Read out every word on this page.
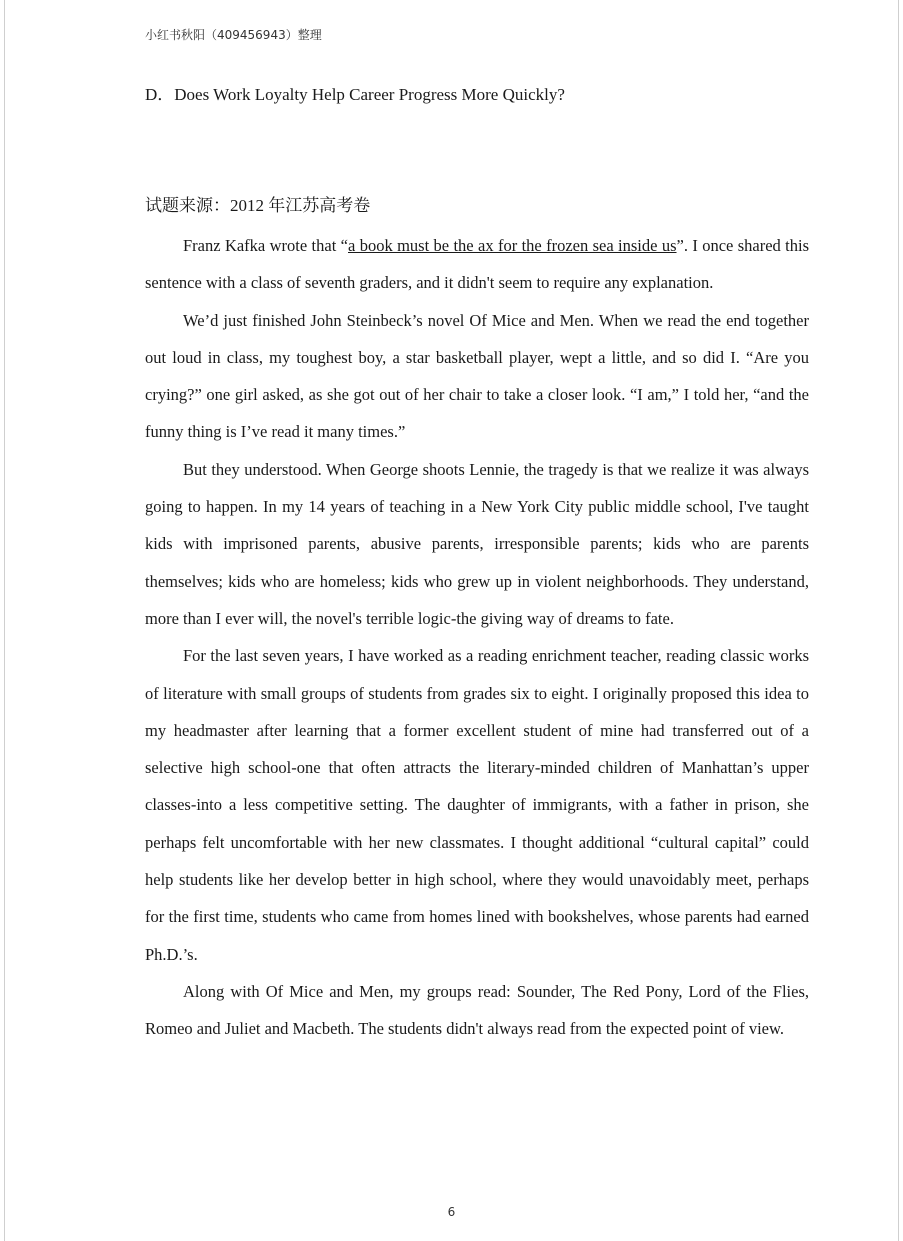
小红书秋阳（409456943）整理
D．Does Work Loyalty Help Career Progress More Quickly?
试题来源：2012 年江苏高考卷

Franz Kafka wrote that “a book must be the ax for the frozen sea inside us”. I once shared this sentence with a class of seventh graders, and it didn't seem to require any explanation.

We’d just finished John Steinbeck’s novel Of Mice and Men. When we read the end together out loud in class, my toughest boy, a star basketball player, wept a little, and so did I. “Are you crying?” one girl asked, as she got out of her chair to take a closer look. “I am,” I told her, “and the funny thing is I’ve read it many times.”

But they understood. When George shoots Lennie, the tragedy is that we realize it was always going to happen. In my 14 years of teaching in a New York City public middle school, I've taught kids with imprisoned parents, abusive parents, irresponsible parents; kids who are parents themselves; kids who are homeless; kids who grew up in violent neighborhoods. They understand, more than I ever will, the novel's terrible logic-the giving way of dreams to fate.

For the last seven years, I have worked as a reading enrichment teacher, reading classic works of literature with small groups of students from grades six to eight. I originally proposed this idea to my headmaster after learning that a former excellent student of mine had transferred out of a selective high school-one that often attracts the literary-minded children of Manhattan’s upper classes-into a less competitive setting. The daughter of immigrants, with a father in prison, she perhaps felt uncomfortable with her new classmates. I thought additional “cultural capital” could help students like her develop better in high school, where they would unavoidably meet, perhaps for the first time, students who came from homes lined with bookshelves, whose parents had earned Ph.D.’s.

Along with Of Mice and Men, my groups read: Sounder, The Red Pony, Lord of the Flies, Romeo and Juliet and Macbeth. The students didn't always read from the expected point of view.

6
